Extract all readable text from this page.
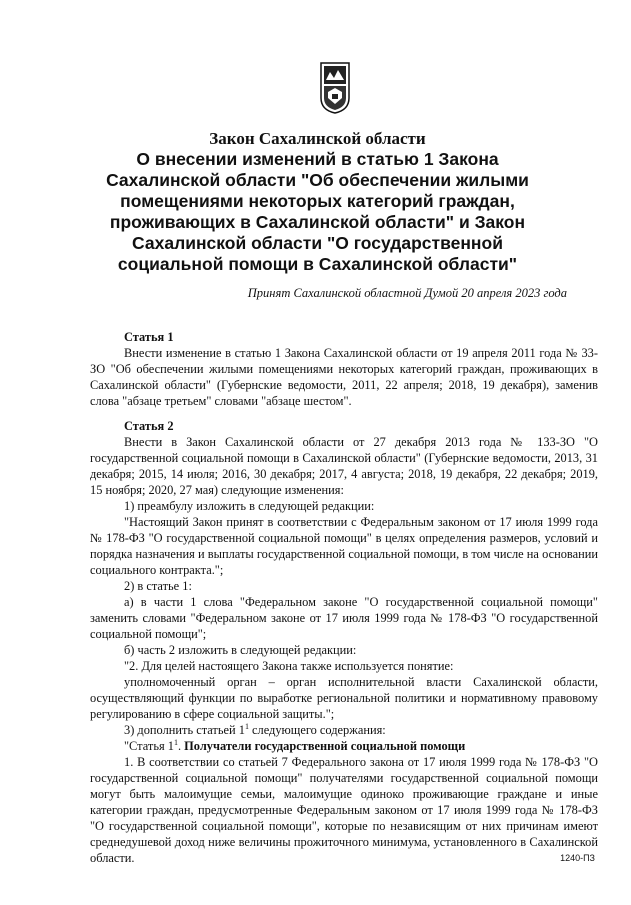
Закон Сахалинской области
О внесении изменений в статью 1 Закона
Сахалинской области "Об обеспечении жилыми
помещениями некоторых категорий граждан,
проживающих в Сахалинской области" и Закон
Сахалинской области "О государственной
социальной помощи в Сахалинской области"
Принят Сахалинской областной Думой 20 апреля 2023 года

Статья 1

Внести изменение в статью 1 Закона Сахалинской области от 19 апреля 2011 года № 33-ЗО "Об обеспечении жилыми помещениями некоторых категорий граждан, проживающих в Сахалинской области" (Губернские ведомости, 2011, 22 апреля; 2018, 19 декабря), заменив слова "абзаце третьем" словами "абзаце шестом".

Статья 2

Внести в Закон Сахалинской области от 27 декабря 2013 года № 133-ЗО "О государственной социальной помощи в Сахалинской области" (Губернские ведомости, 2013, 31 декабря; 2015, 14 июля; 2016, 30 декабря; 2017, 4 августа; 2018, 19 декабря, 22 декабря; 2019, 15 ноября; 2020, 27 мая) следующие изменения:

1) преамбулу изложить в следующей редакции:

"Настоящий Закон принят в соответствии с Федеральным законом от 17 июля 1999 года № 178-ФЗ "О государственной социальной помощи" в целях определения размеров, условий и порядка назначения и выплаты государственной социальной помощи, в том числе на основании социального контракта.";

2) в статье 1:

а) в части 1 слова "Федеральном законе "О государственной социальной помощи" заменить словами "Федеральном законе от 17 июля 1999 года № 178-ФЗ "О государственной социальной помощи";

б) часть 2 изложить в следующей редакции:

"2. Для целей настоящего Закона также используется понятие:

уполномоченный орган – орган исполнительной власти Сахалинской области, осуществляющий функции по выработке региональной политики и нормативному правовому регулированию в сфере социальной защиты.";

3) дополнить статьей $1^1$ следующего содержания:

"Статья $1^1$. Получатели государственной социальной помощи

1. В соответствии со статьей 7 Федерального закона от 17 июля 1999 года № 178-ФЗ "О государственной социальной помощи" получателями государственной социальной помощи могут быть малоимущие семьи, малоимущие одиноко проживающие граждане и иные категории граждан, предусмотренные Федеральным законом от 17 июля 1999 года № 178-ФЗ "О государственной социальной помощи", которые по независящим от них причинам имеют среднедушевой доход ниже величины прожиточного минимума, установленного в Сахалинской области.	1240-ПЗ
